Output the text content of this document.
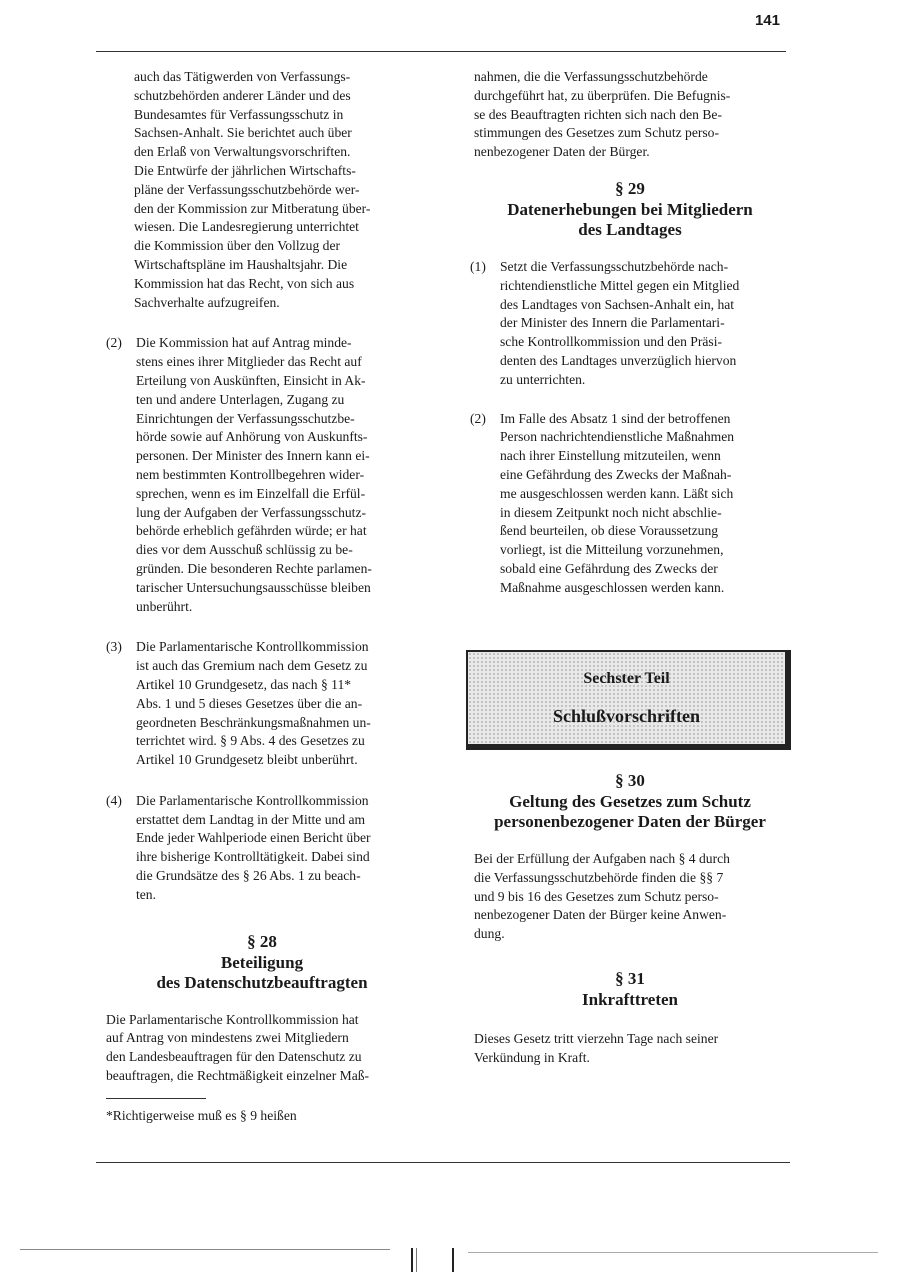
141

auch das Tätigwerden von Verfassungs-

schutzbehörden anderer Länder und des

Bundesamtes für Verfassungsschutz in

Sachsen-Anhalt. Sie berichtet auch über

den Erlaß von Verwaltungsvorschriften.

Die Entwürfe der jährlichen Wirtschafts-

pläne der Verfassungsschutzbehörde wer-

den der Kommission zur Mitberatung über-

wiesen. Die Landesregierung unterrichtet

die Kommission über den Vollzug der

Wirtschaftspläne im Haushaltsjahr. Die

Kommission hat das Recht, von sich aus

Sachverhalte aufzugreifen.

(2) Die Kommission hat auf Antrag minde-

stens eines ihrer Mitglieder das Recht auf

Erteilung von Auskünften, Einsicht in Ak-

ten und andere Unterlagen, Zugang zu

Einrichtungen der Verfassungsschutzbe-

hörde sowie auf Anhörung von Auskunfts-

personen. Der Minister des Innern kann ei-

nem bestimmten Kontrollbegehren wider-

sprechen, wenn es im Einzelfall die Erfül-

lung der Aufgaben der Verfassungsschutz-

behörde erheblich gefährden würde; er hat

dies vor dem Ausschuß schlüssig zu be-

gründen. Die besonderen Rechte parlamen-

tarischer Untersuchungsausschüsse bleiben

unberührt.

(3) Die Parlamentarische Kontrollkommission

ist auch das Gremium nach dem Gesetz zu

Artikel 10 Grundgesetz, das nach § 11*

Abs. 1 und 5 dieses Gesetzes über die an-

geordneten Beschränkungsmaßnahmen un-

terrichtet wird. § 9 Abs. 4 des Gesetzes zu

Artikel 10 Grundgesetz bleibt unberührt.

(4) Die Parlamentarische Kontrollkommission

erstattet dem Landtag in der Mitte und am

Ende jeder Wahlperiode einen Bericht über

ihre bisherige Kontrolltätigkeit. Dabei sind

die Grundsätze des § 26 Abs. 1 zu beach-

ten.

§ 28

Beteiligung

des Datenschutzbeauftragten

Die Parlamentarische Kontrollkommission hat

auf Antrag von mindestens zwei Mitgliedern

den Landesbeauftragen für den Datenschutz zu

beauftragen, die Rechtmäßigkeit einzelner Maß-

*Richtigerweise muß es § 9 heißen

nahmen, die die Verfassungsschutzbehörde

durchgeführt hat, zu überprüfen. Die Befugnis-

se des Beauftragten richten sich nach den Be-

stimmungen des Gesetzes zum Schutz perso-

nenbezogener Daten der Bürger.

§ 29

Datenerhebungen bei Mitgliedern

des Landtages

(1) Setzt die Verfassungsschutzbehörde nach-

richtendienstliche Mittel gegen ein Mitglied

des Landtages von Sachsen-Anhalt ein, hat

der Minister des Innern die Parlamentari-

sche Kontrollkommission und den Präsi-

denten des Landtages unverzüglich hiervon

zu unterrichten.

(2) Im Falle des Absatz 1 sind der betroffenen

Person nachrichtendienstliche Maßnahmen

nach ihrer Einstellung mitzuteilen, wenn

eine Gefährdung des Zwecks der Maßnah-

me ausgeschlossen werden kann. Läßt sich

in diesem Zeitpunkt noch nicht abschlie-

ßend beurteilen, ob diese Voraussetzung

vorliegt, ist die Mitteilung vorzunehmen,

sobald eine Gefährdung des Zwecks der

Maßnahme ausgeschlossen werden kann.

Sechster Teil
Schlußvorschriften

§ 30

Geltung des Gesetzes zum Schutz

personenbezogener Daten der Bürger

Bei der Erfüllung der Aufgaben nach § 4 durch

die Verfassungsschutzbehörde finden die §§ 7

und 9 bis 16 des Gesetzes zum Schutz perso-

nenbezogener Daten der Bürger keine Anwen-

dung.

§ 31

Inkrafttreten

Dieses Gesetz tritt vierzehn Tage nach seiner

Verkündung in Kraft.
